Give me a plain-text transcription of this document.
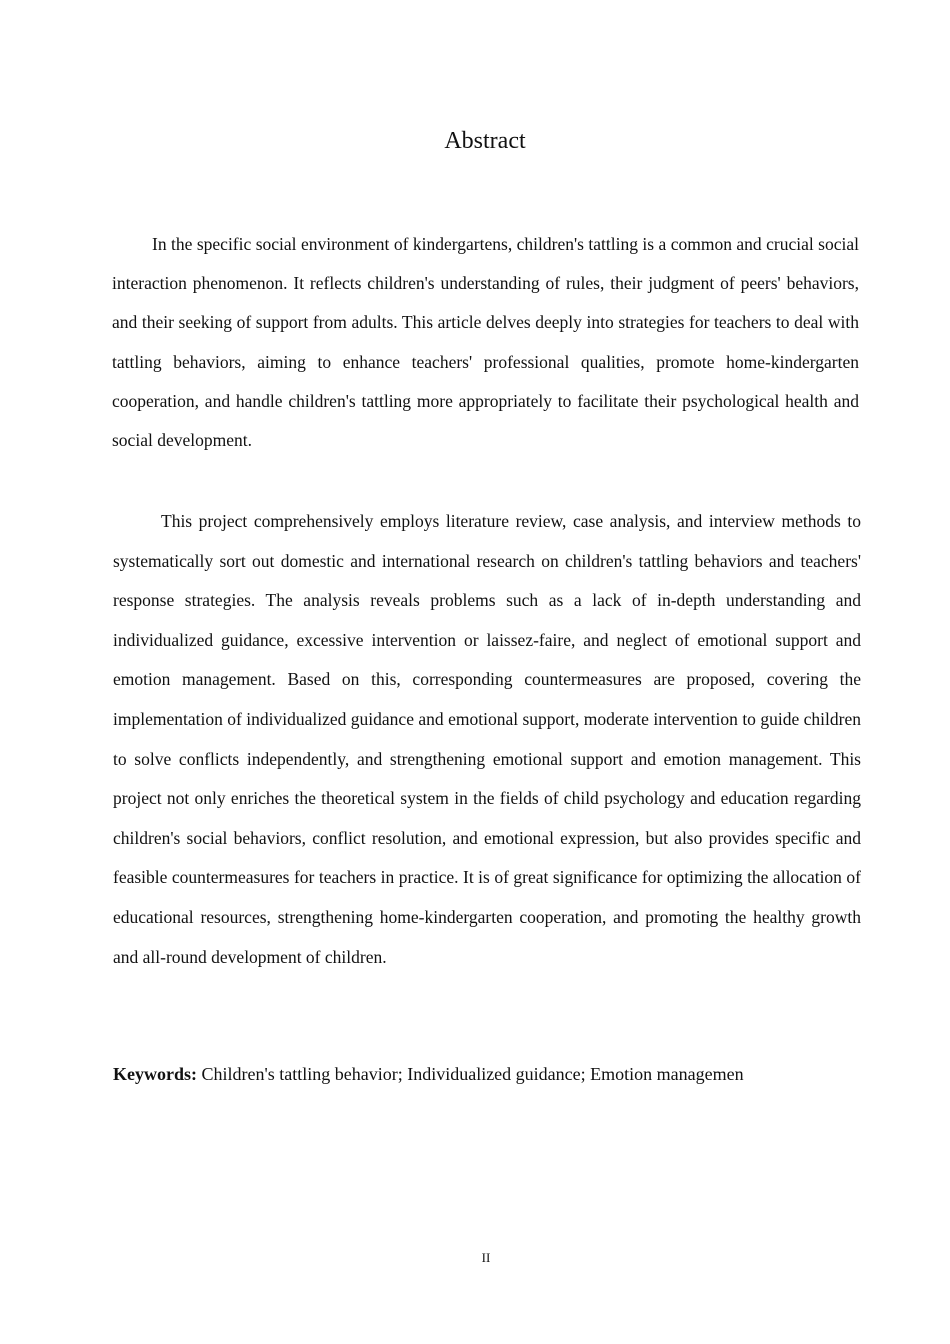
Abstract

In the specific social environment of kindergartens, children's tattling is a common and crucial social interaction phenomenon. It reflects children's understanding of rules, their judgment of peers' behaviors, and their seeking of support from adults. This article delves deeply into strategies for teachers to deal with tattling behaviors, aiming to enhance teachers' professional qualities, promote home-kindergarten cooperation, and handle children's tattling more appropriately to facilitate their psychological health and social development.

This project comprehensively employs literature review, case analysis, and interview methods to systematically sort out domestic and international research on children's tattling behaviors and teachers' response strategies. The analysis reveals problems such as a lack of in-depth understanding and individualized guidance, excessive intervention or laissez-faire, and neglect of emotional support and emotion management. Based on this, corresponding countermeasures are proposed, covering the implementation of individualized guidance and emotional support, moderate intervention to guide children to solve conflicts independently, and strengthening emotional support and emotion management. This project not only enriches the theoretical system in the fields of child psychology and education regarding children's social behaviors, conflict resolution, and emotional expression, but also provides specific and feasible countermeasures for teachers in practice. It is of great significance for optimizing the allocation of educational resources, strengthening home-kindergarten cooperation, and promoting the healthy growth and all-round development of children.

Keywords: Children's tattling behavior; Individualized guidance; Emotion managemen
II
